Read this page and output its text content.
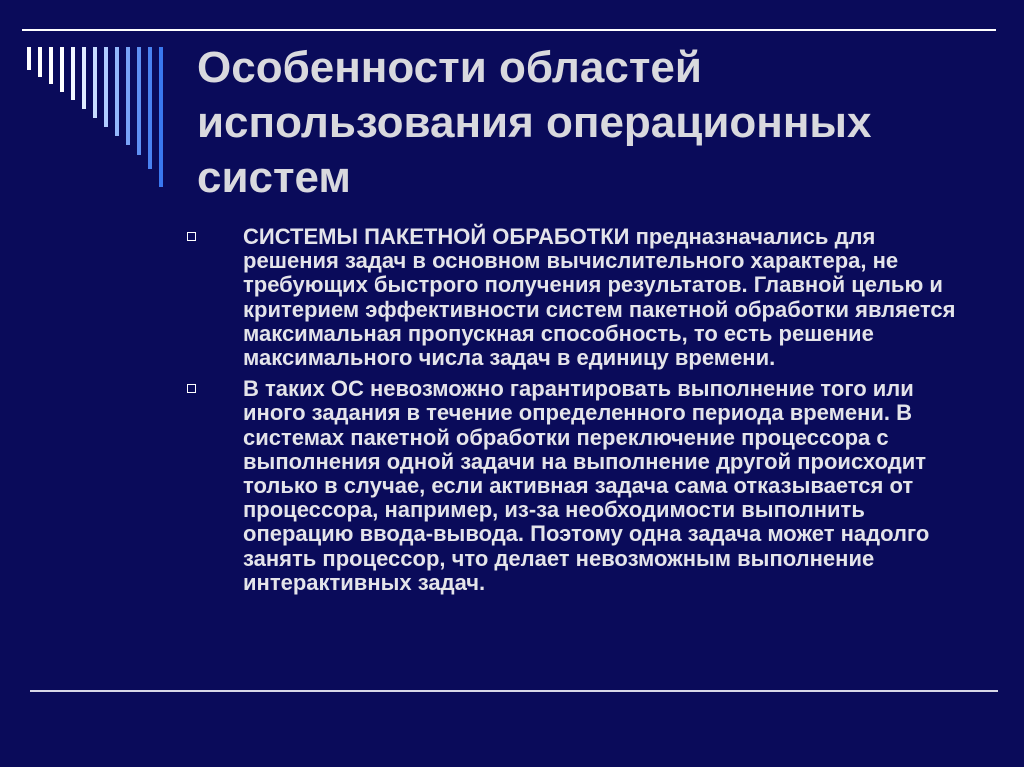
Особенности областей использования операционных систем
СИСТЕМЫ ПАКЕТНОЙ ОБРАБОТКИ предназначались для решения задач в основном вычислительного характера, не требующих быстрого получения результатов. Главной целью и критерием эффективности систем пакетной обработки является максимальная пропускная способность, то есть решение максимального числа задач в единицу времени.
В таких ОС невозможно гарантировать выполнение того или иного задания в течение определенного периода времени. В системах пакетной обработки переключение процессора с выполнения одной задачи на выполнение другой происходит только в случае, если активная задача сама отказывается от процессора, например, из-за необходимости выполнить операцию ввода-вывода. Поэтому одна задача может надолго занять процессор, что делает невозможным выполнение интерактивных задач.
